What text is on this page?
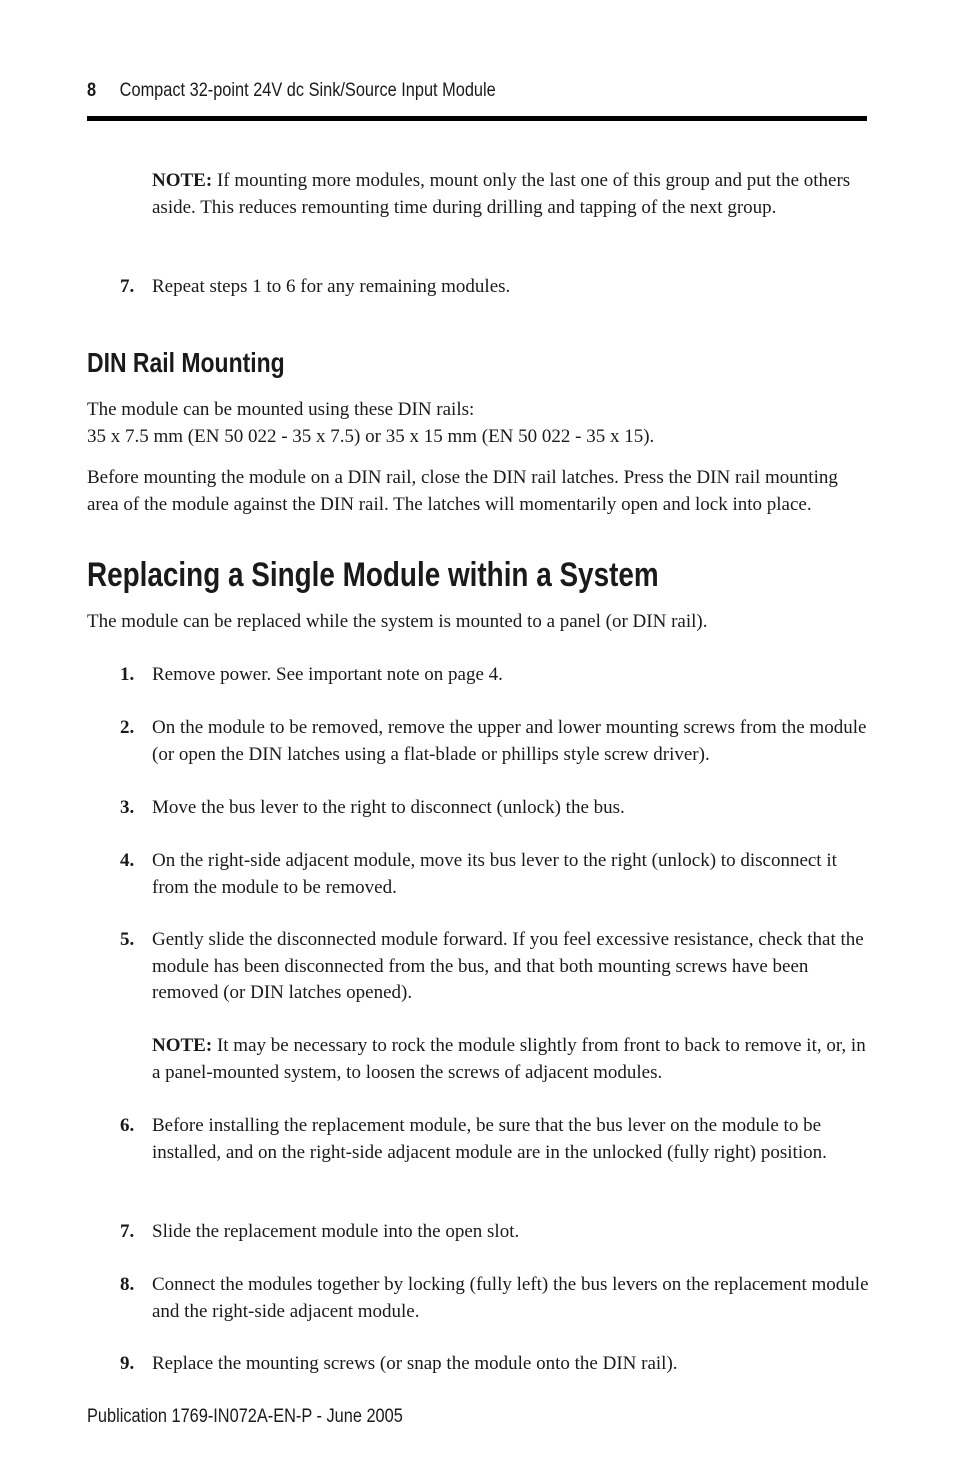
8 Compact 32-point 24V dc Sink/Source Input Module

NOTE: If mounting more modules, mount only the last one of this group and put the others aside. This reduces remounting time during drilling and tapping of the next group.

7. Repeat steps 1 to 6 for any remaining modules.

DIN Rail Mounting

The module can be mounted using these DIN rails:
35 x 7.5 mm (EN 50 022 - 35 x 7.5) or 35 x 15 mm (EN 50 022 - 35 x 15).

Before mounting the module on a DIN rail, close the DIN rail latches. Press the DIN rail mounting area of the module against the DIN rail. The latches will momentarily open and lock into place.

Replacing a Single Module within a System

The module can be replaced while the system is mounted to a panel (or DIN rail).

1. Remove power. See important note on page 4.

2. On the module to be removed, remove the upper and lower mounting screws from the module (or open the DIN latches using a flat-blade or phillips style screw driver).

3. Move the bus lever to the right to disconnect (unlock) the bus.

4. On the right-side adjacent module, move its bus lever to the right (unlock) to disconnect it from the module to be removed.

5. Gently slide the disconnected module forward. If you feel excessive resistance, check that the module has been disconnected from the bus, and that both mounting screws have been removed (or DIN latches opened).

NOTE: It may be necessary to rock the module slightly from front to back to remove it, or, in a panel-mounted system, to loosen the screws of adjacent modules.

6. Before installing the replacement module, be sure that the bus lever on the module to be installed, and on the right-side adjacent module are in the unlocked (fully right) position.

7. Slide the replacement module into the open slot.

8. Connect the modules together by locking (fully left) the bus levers on the replacement module and the right-side adjacent module.

9. Replace the mounting screws (or snap the module onto the DIN rail).

Publication 1769-IN072A-EN-P - June 2005
